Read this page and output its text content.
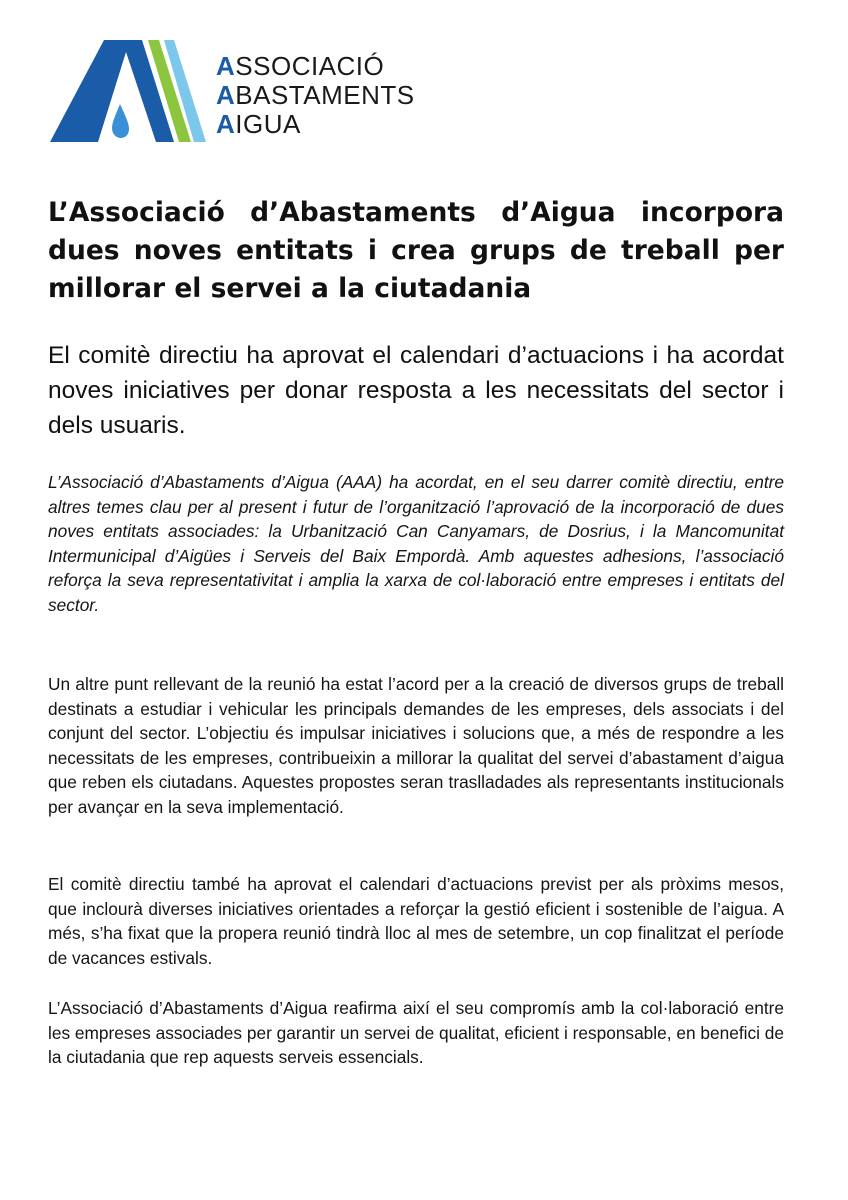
ASSOCIACIÓ
ABASTAMENTS
AIGUA
L’Associació d’Abastaments d’Aigua incorpora dues noves entitats i crea grups de treball per millorar el servei a la ciutadania

El comitè directiu ha aprovat el calendari d’actuacions i ha acordat noves iniciatives per donar resposta a les necessitats del sector i dels usuaris.

L’Associació d’Abastaments d’Aigua (AAA) ha acordat, en el seu darrer comitè directiu, entre altres temes clau per al present i futur de l’organització l’aprovació de la incorporació de dues noves entitats associades: la Urbanització Can Canyamars, de Dosrius, i la Mancomunitat Intermunicipal d’Aigües i Serveis del Baix Empordà. Amb aquestes adhesions, l’associació reforça la seva representativitat i amplia la xarxa de col·laboració entre empreses i entitats del sector.

Un altre punt rellevant de la reunió ha estat l’acord per a la creació de diversos grups de treball destinats a estudiar i vehicular les principals demandes de les empreses, dels associats i del conjunt del sector. L’objectiu és impulsar iniciatives i solucions que, a més de respondre a les necessitats de les empreses, contribueixin a millorar la qualitat del servei d’abastament d’aigua que reben els ciutadans. Aquestes propostes seran traslladades als representants institucionals per avançar en la seva implementació.

El comitè directiu també ha aprovat el calendari d’actuacions previst per als pròxims mesos, que inclourà diverses iniciatives orientades a reforçar la gestió eficient i sostenible de l’aigua. A més, s’ha fixat que la propera reunió tindrà lloc al mes de setembre, un cop finalitzat el període de vacances estivals.

L’Associació d’Abastaments d’Aigua reafirma així el seu compromís amb la col·laboració entre les empreses associades per garantir un servei de qualitat, eficient i responsable, en benefici de la ciutadania que rep aquests serveis essencials.
